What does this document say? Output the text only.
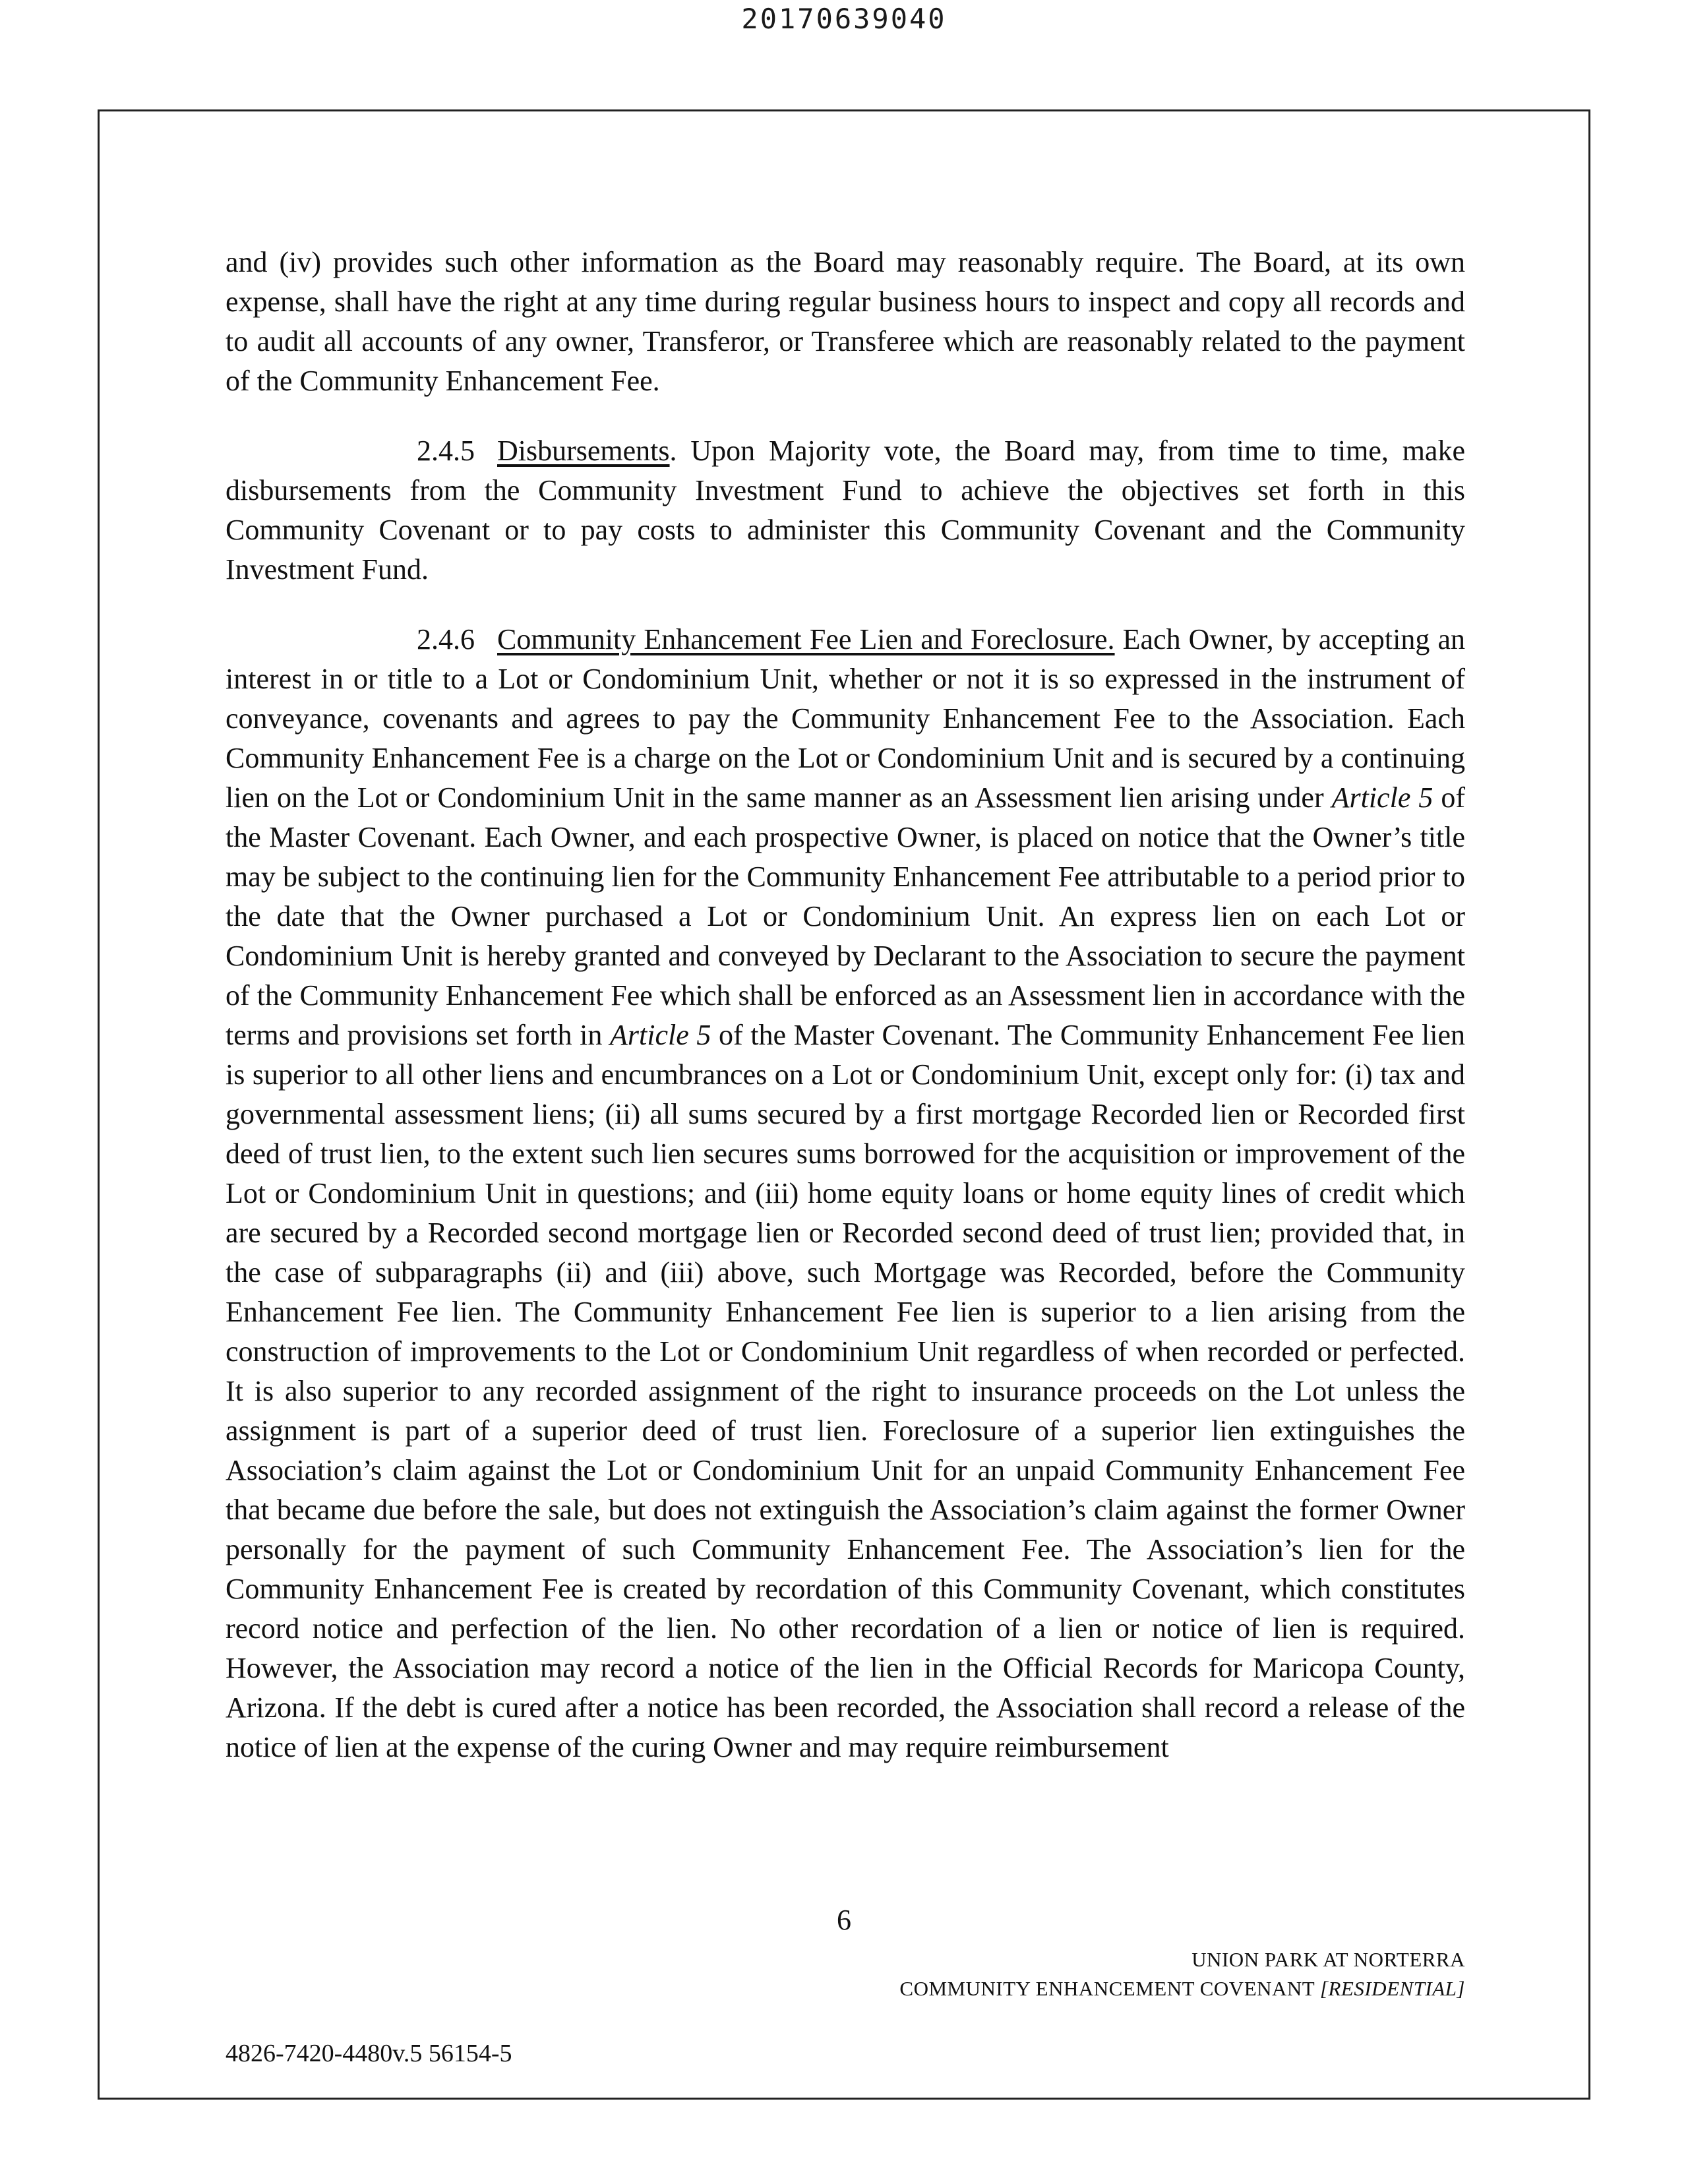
20170639040

and (iv) provides such other information as the Board may reasonably require. The Board, at its own expense, shall have the right at any time during regular business hours to inspect and copy all records and to audit all accounts of any owner, Transferor, or Transferee which are reasonably related to the payment of the Community Enhancement Fee.

2.4.5 Disbursements. Upon Majority vote, the Board may, from time to time, make disbursements from the Community Investment Fund to achieve the objectives set forth in this Community Covenant or to pay costs to administer this Community Covenant and the Community Investment Fund.

2.4.6 Community Enhancement Fee Lien and Foreclosure. Each Owner, by accepting an interest in or title to a Lot or Condominium Unit, whether or not it is so expressed in the instrument of conveyance, covenants and agrees to pay the Community Enhancement Fee to the Association. Each Community Enhancement Fee is a charge on the Lot or Condominium Unit and is secured by a continuing lien on the Lot or Condominium Unit in the same manner as an Assessment lien arising under Article 5 of the Master Covenant. Each Owner, and each prospective Owner, is placed on notice that the Owner’s title may be subject to the continuing lien for the Community Enhancement Fee attributable to a period prior to the date that the Owner purchased a Lot or Condominium Unit. An express lien on each Lot or Condominium Unit is hereby granted and conveyed by Declarant to the Association to secure the payment of the Community Enhancement Fee which shall be enforced as an Assessment lien in accordance with the terms and provisions set forth in Article 5 of the Master Covenant. The Community Enhancement Fee lien is superior to all other liens and encumbrances on a Lot or Condominium Unit, except only for: (i) tax and governmental assessment liens; (ii) all sums secured by a first mortgage Recorded lien or Recorded first deed of trust lien, to the extent such lien secures sums borrowed for the acquisition or improvement of the Lot or Condominium Unit in questions; and (iii) home equity loans or home equity lines of credit which are secured by a Recorded second mortgage lien or Recorded second deed of trust lien; provided that, in the case of subparagraphs (ii) and (iii) above, such Mortgage was Recorded, before the Community Enhancement Fee lien. The Community Enhancement Fee lien is superior to a lien arising from the construction of improvements to the Lot or Condominium Unit regardless of when recorded or perfected. It is also superior to any recorded assignment of the right to insurance proceeds on the Lot unless the assignment is part of a superior deed of trust lien. Foreclosure of a superior lien extinguishes the Association’s claim against the Lot or Condominium Unit for an unpaid Community Enhancement Fee that became due before the sale, but does not extinguish the Association’s claim against the former Owner personally for the payment of such Community Enhancement Fee. The Association’s lien for the Community Enhancement Fee is created by recordation of this Community Covenant, which constitutes record notice and perfection of the lien. No other recordation of a lien or notice of lien is required. However, the Association may record a notice of the lien in the Official Records for Maricopa County, Arizona. If the debt is cured after a notice has been recorded, the Association shall record a release of the notice of lien at the expense of the curing Owner and may require reimbursement

6
UNION PARK AT NORTERRA
COMMUNITY ENHANCEMENT COVENANT [RESIDENTIAL]
4826-7420-4480v.5 56154-5
